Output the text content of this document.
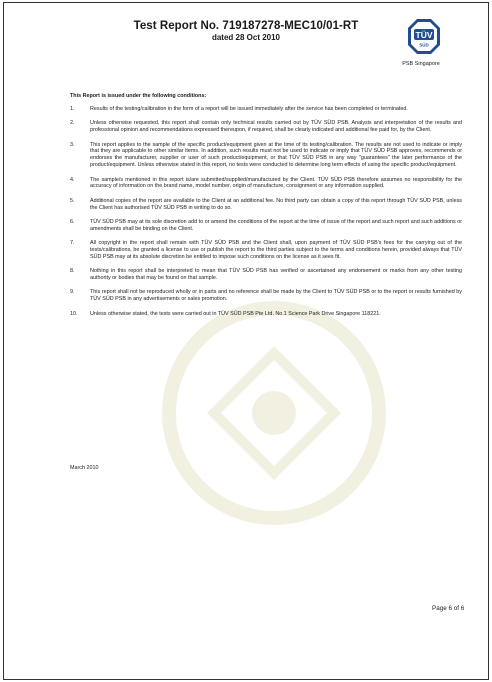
Test Report No. 719187278-MEC10/01-RT
dated 28 Oct 2010	TÜV
SÜD
PSB Singapore
This Report is issued under the following conditions:
1.	Results of the testing/calibration in the form of a report will be issued immediately after the service has been completed or terminated.
2.	Unless otherwise requested, this report shall contain only technical results carried out by TÜV SÜD PSB. Analysis and interpretation of the results and professional opinion and recommendations expressed thereupon, if required, shall be clearly indicated and additional fee paid for, by the Client.
3.	This report applies to the sample of the specific product/equipment given at the time of its testing/calibration. The results are not used to indicate or imply that they are applicable to other similar items. In addition, such results must not be used to indicate or imply that TÜV SÜD PSB approves, recommends or endorses the manufacturer, supplier or user of such product/equipment, or that TÜV SÜD PSB in any way "guarantees" the later performance of the product/equipment. Unless otherwise stated in this report, no tests were conducted to determine long term effects of using the specific product/equipment.
4.	The sample/s mentioned in this report is/are submitted/supplied/manufactured by the Client. TÜV SÜD PSB therefore assumes no responsibility for the accuracy of information on the brand name, model number, origin of manufacture, consignment or any information supplied.
5.	Additional copies of the report are available to the Client at an additional fee. No third party can obtain a copy of this report through TÜV SÜD PSB, unless the Client has authorised TÜV SÜD PSB in writing to do so.
6.	TÜV SÜD PSB may at its sole discretion add to or amend the conditions of the report at the time of issue of the report and such report and such additions or amendments shall be binding on the Client.
7.	All copyright in the report shall remain with TÜV SÜD PSB and the Client shall, upon payment of TÜV SÜD PSB's fees for the carrying out of the tests/calibrations, be granted a license to use or publish the report to the third parties subject to the terms and conditions herein, provided always that TÜV SÜD PSB may at its absolute discretion be entitled to impose such conditions on the license as it sees fit.
8.	Nothing in this report shall be interpreted to mean that TÜV SÜD PSB has verified or ascertained any endorsement or marks from any other testing authority or bodies that may be found on that sample.
9.	This report shall not be reproduced wholly or in parts and no reference shall be made by the Client to TÜV SÜD PSB or to the report or results furnished by TÜV SÜD PSB in any advertisements or sales promotion.
10.	Unless otherwise stated, the tests were carried out in TÜV SÜD PSB Pte Ltd, No.1 Science Park Drive Singapore 118221.
March 2010
Page 6 of 6
